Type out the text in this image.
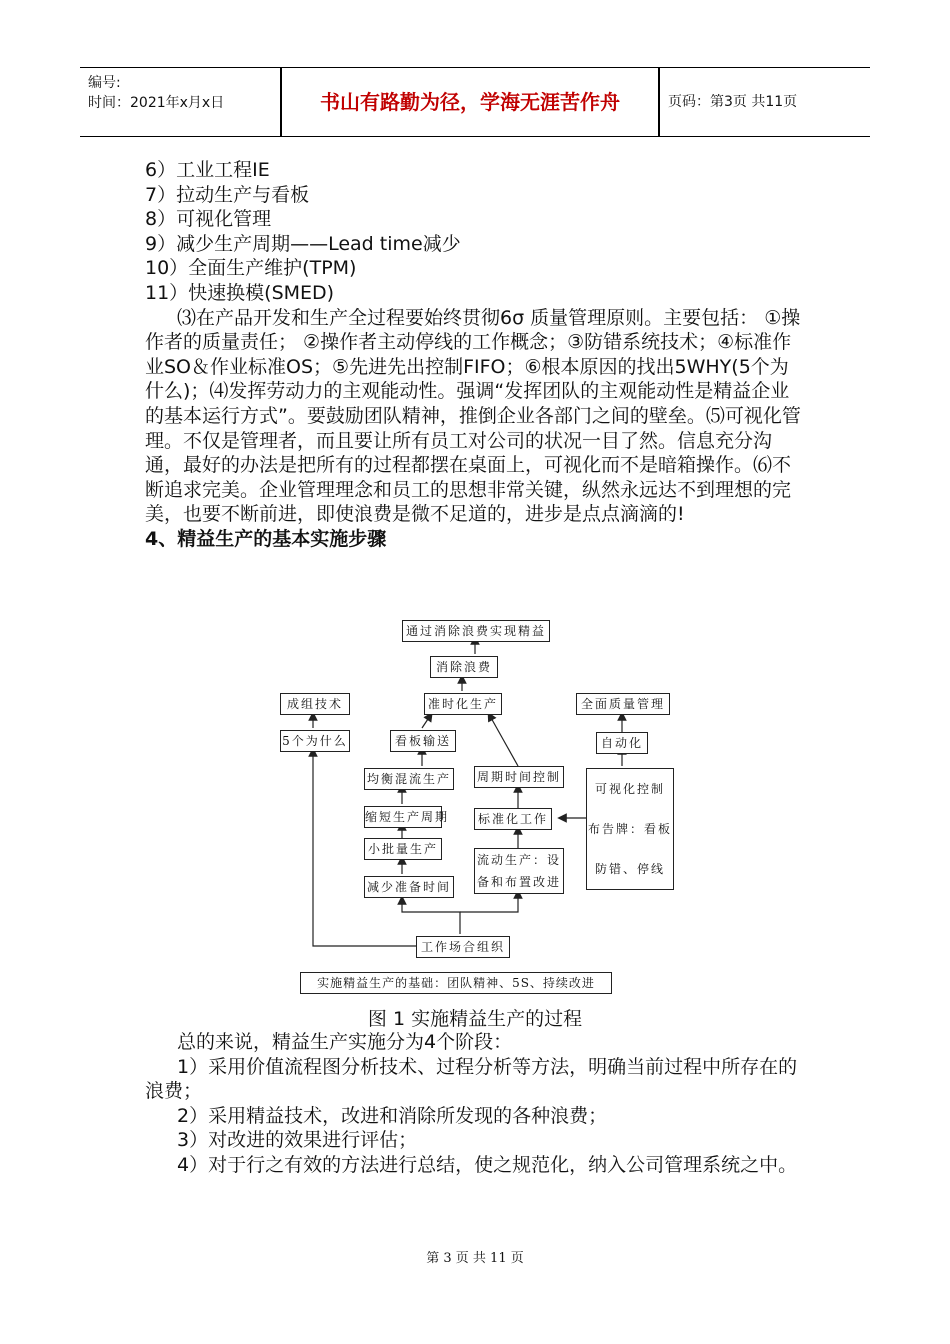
编号:
时间：2021年x月x日	书山有路勤为径，学海无涯苦作舟	页码：第3页 共11页

6）工业工程IE

7）拉动生产与看板

8）可视化管理

9）减少生产周期——Lead time减少

10）全面生产维护(TPM)

11）快速换模(SMED)

⑶在产品开发和生产全过程要始终贯彻6σ 质量管理原则。主要包括： ①操作者的质量责任； ②操作者主动停线的工作概念；③防错系统技术；④标准作业SO＆作业标准OS；⑤先进先出控制FIFO；⑥根本原因的找出5WHY(5个为什么)；⑷发挥劳动力的主观能动性。强调“发挥团队的主观能动性是精益企业的基本运行方式”。要鼓励团队精神，推倒企业各部门之间的壁垒。⑸可视化管理。不仅是管理者，而且要让所有员工对公司的状况一目了然。信息充分沟通，最好的办法是把所有的过程都摆在桌面上，可视化而不是暗箱操作。⑹不断追求完美。企业管理理念和员工的思想非常关键，纵然永远达不到理想的完美，也要不断前进，即使浪费是微不足道的，进步是点点滴滴的!

4、精益生产的基本实施步骤

通过消除浪费实现精益
消除浪费
成组技术	准时化生产	全面质量管理
5个为什么	看板输送	自动化
均衡混流生产 周期时间控制
缩短生产周期	标准化工作
小批量生产
流动生产：设备和布置改进
减少准备时间
可视化控制
布告牌：看板
防错、停线
工作场合组织
实施精益生产的基础：团队精神、5S、持续改进
图 1 实施精益生产的过程

总的来说，精益生产实施分为4个阶段：

1）采用价值流程图分析技术、过程分析等方法，明确当前过程中所存在的浪费；

2）采用精益技术，改进和消除所发现的各种浪费；

3）对改进的效果进行评估；

4）对于行之有效的方法进行总结，使之规范化，纳入公司管理系统之中。

第 3 页 共 11 页
